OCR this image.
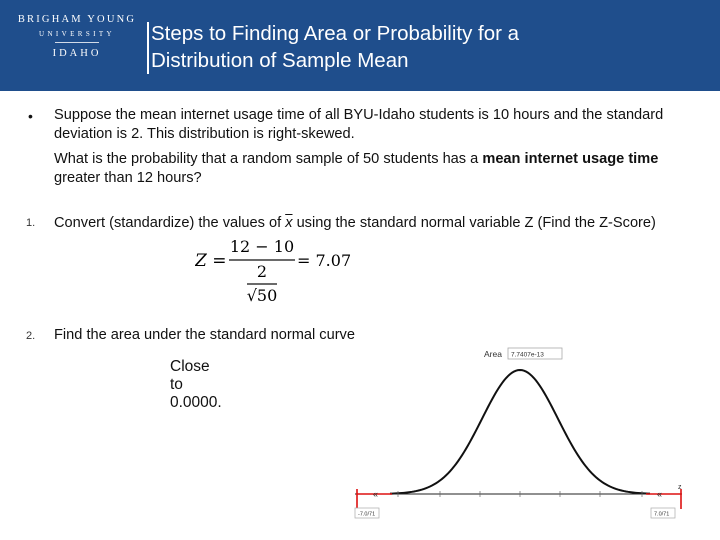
BRIGHAM YOUNG
UNIVERSITY
IDAHO
Steps to Finding Area or Probability for a
Distribution of Sample Mean
• Suppose the mean internet usage time of all BYU-Idaho students is 10 hours and the standard deviation is 2. This distribution is right-skewed.
What is the probability that a random sample of 50 students has a mean internet usage time greater than 12 hours?
1. Convert (standardize) the values of $\overline{x}$ using the standard normal variable Z (Find the Z-Score)
Z =
12 − 10
2
√50
= 7.07
2. Find the area under the standard normal curve
Close to 0.0000.
Area 7.7407e-13
z
«	«
-7.0/71	7.0/71
